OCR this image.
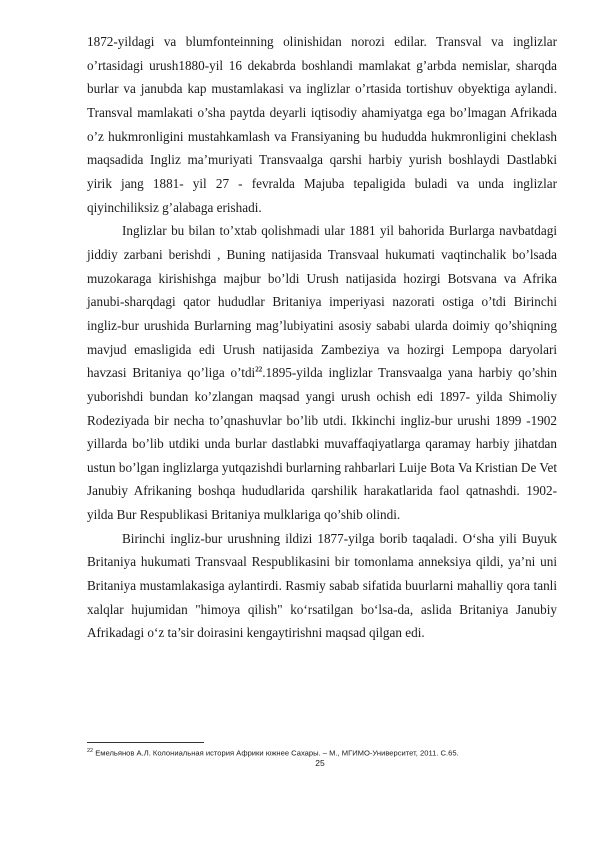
1872-yildagi va blumfonteinning olinishidan norozi edilar. Transval va inglizlar o’rtasidagi urush1880-yil 16 dekabrda boshlandi mamlakat g’arbda nemislar, sharqda burlar va janubda kap mustamlakasi va inglizlar o’rtasida tortishuv obyektiga aylandi. Transval mamlakati o’sha paytda deyarli iqtisodiy ahamiyatga ega bo’lmagan Afrikada o’z hukmronligini mustahkamlash va Fransiyaning bu hududda hukmronligini cheklash maqsadida Ingliz ma’muriyati Transvaalga qarshi harbiy yurish boshlaydi Dastlabki yirik jang 1881- yil 27 - fevralda Majuba tepaligida buladi va unda inglizlar qiyinchiliksiz g’alabaga erishadi.

Inglizlar bu bilan to’xtab qolishmadi ular 1881 yil bahorida Burlarga navbatdagi jiddiy zarbani berishdi , Buning natijasida Transvaal hukumati vaqtinchalik bo’lsada muzokaraga kirishishga majbur bo’ldi Urush natijasida hozirgi Botsvana va Afrika janubi-sharqdagi qator hududlar Britaniya imperiyasi nazorati ostiga o’tdi Birinchi ingliz-bur urushida Burlarning mag’lubiyatini asosiy sababi ularda doimiy qo’shiqning mavjud emasligida edi Urush natijasida Zambeziya va hozirgi Lempopa daryolari havzasi Britaniya qo’liga o’tdi$^{22}$.1895-yilda inglizlar Transvaalga yana harbiy qo’shin yuborishdi bundan ko’zlangan maqsad yangi urush ochish edi 1897- yilda Shimoliy Rodeziyada bir necha to’qnashuvlar bo’lib utdi. Ikkinchi ingliz-bur urushi 1899 -1902 yillarda bo’lib utdiki unda burlar dastlabki muvaffaqiyatlarga qaramay harbiy jihatdan ustun bo’lgan inglizlarga yutqazishdi burlarning rahbarlari Luije Bota Va Kristian De Vet Janubiy Afrikaning boshqa hududlarida qarshilik harakatlarida faol qatnashdi. 1902- yilda Bur Respublikasi Britaniya mulklariga qo’shib olindi.

Birinchi ingliz-bur urushning ildizi 1877-yilga borib taqaladi. O‘sha yili Buyuk Britaniya hukumati Transvaal Respublikasini bir tomonlama anneksiya qildi, ya’ni uni Britaniya mustamlakasiga aylantirdi. Rasmiy sabab sifatida buurlarni mahalliy qora tanli xalqlar hujumidan "himoya qilish" ko‘rsatilgan bo‘lsa-da, aslida Britaniya Janubiy Afrikadagi o‘z ta’sir doirasini kengaytirishni maqsad qilgan edi.

$^{22}$ Емельянов А.Л. Колониальная история Африки южнее Сахары. – М., МГИМО-Университет, 2011. С.65.
25
